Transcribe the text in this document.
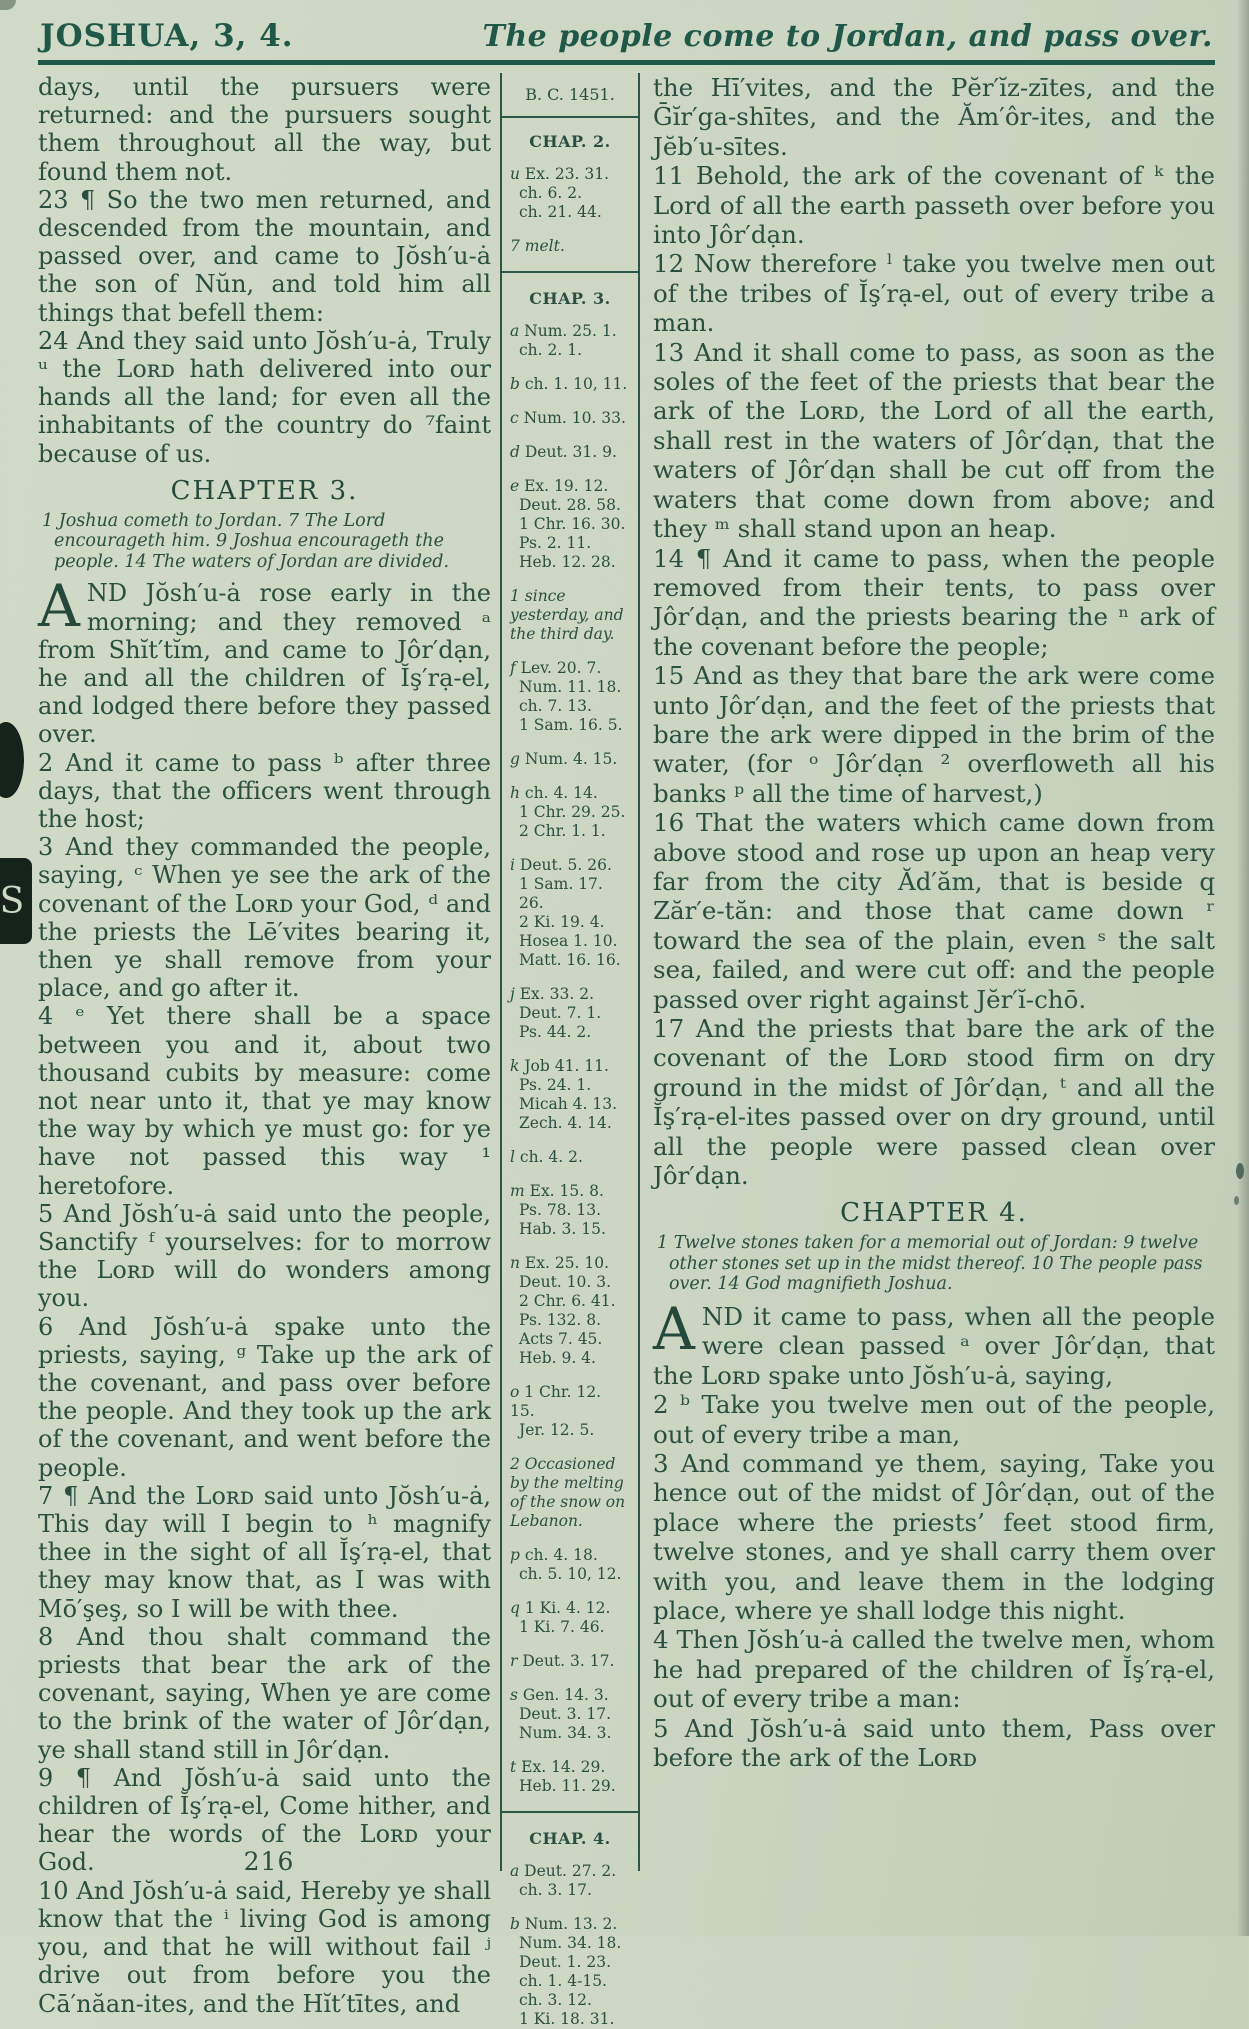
JOSHUA, 3, 4.	The people come to Jordan, and pass over.

days, until the pursuers were returned: and the pursuers sought them throughout all the way, but found them not.

23 ¶ So the two men returned, and descended from the mountain, and passed over, and came to Jŏsh′u-ȧ the son of Nŭn, and told him all things that befell them:

24 And they said unto Jŏsh′u-ȧ, Truly ᵘ the Lᴏʀᴅ hath delivered into our hands all the land; for even all the inhabitants of the country do ⁷faint because of us.

CHAPTER 3.
1 Joshua cometh to Jordan. 7 The Lord encourageth him. 9 Joshua encourageth the people. 14 The waters of Jordan are divided.

AND Jŏsh′u-ȧ rose early in the morning; and they removed ᵃ from Shĭt′tĭm, and came to Jôr′dạn, he and all the children of Ĭş′rạ-el, and lodged there before they passed over.

2 And it came to pass ᵇ after three days, that the officers went through the host;

3 And they commanded the people, saying, ᶜ When ye see the ark of the covenant of the Lᴏʀᴅ your God, ᵈ and the priests the Lē′vites bearing it, then ye shall remove from your place, and go after it.

4 ᵉ Yet there shall be a space between you and it, about two thousand cubits by measure: come not near unto it, that ye may know the way by which ye must go: for ye have not passed this way ¹ heretofore.

5 And Jŏsh′u-ȧ said unto the people, Sanctify ᶠ yourselves: for to morrow the Lᴏʀᴅ will do wonders among you.

6 And Jŏsh′u-ȧ spake unto the priests, saying, ᵍ Take up the ark of the covenant, and pass over before the people. And they took up the ark of the covenant, and went before the people.

7 ¶ And the Lᴏʀᴅ said unto Jŏsh′u-ȧ, This day will I begin to ʰ magnify thee in the sight of all Ĭş′rạ-el, that they may know that, as I was with Mō′şeş, so I will be with thee.

8 And thou shalt command the priests that bear the ark of the covenant, saying, When ye are come to the brink of the water of Jôr′dạn, ye shall stand still in Jôr′dạn.

9 ¶ And Jŏsh′u-ȧ said unto the children of Ĭş′rạ-el, Come hither, and hear the words of the Lᴏʀᴅ your God.

10 And Jŏsh′u-ȧ said, Hereby ye shall know that the ⁱ living God is among you, and that he will without fail ʲ drive out from before you the Cā′năan-ites, and the Hĭt′tītes, and

B. C. 1451.
CHAP. 2.
u Ex. 23. 31.
ch. 6. 2.
ch. 21. 44.
7 melt.
CHAP. 3.
a Num. 25. 1.
ch. 2. 1.
b ch. 1. 10, 11.
c Num. 10. 33.
d Deut. 31. 9.
e Ex. 19. 12.
Deut. 28. 58.
1 Chr. 16. 30.
Ps. 2. 11.
Heb. 12. 28.
1 since yesterday, and the third day.
f Lev. 20. 7.
Num. 11. 18.
ch. 7. 13.
1 Sam. 16. 5.
g Num. 4. 15.
h ch. 4. 14.
1 Chr. 29. 25.
2 Chr. 1. 1.
i Deut. 5. 26.
1 Sam. 17. 26.
2 Ki. 19. 4.
Hosea 1. 10.
Matt. 16. 16.
j Ex. 33. 2.
Deut. 7. 1.
Ps. 44. 2.
k Job 41. 11.
Ps. 24. 1.
Micah 4. 13.
Zech. 4. 14.
l ch. 4. 2.
m Ex. 15. 8.
Ps. 78. 13.
Hab. 3. 15.
n Ex. 25. 10.
Deut. 10. 3.
2 Chr. 6. 41.
Ps. 132. 8.
Acts 7. 45.
Heb. 9. 4.
o 1 Chr. 12. 15.
Jer. 12. 5.
2 Occasioned by the melting of the snow on Lebanon.
p ch. 4. 18.
ch. 5. 10, 12.
q 1 Ki. 4. 12.
1 Ki. 7. 46.
r Deut. 3. 17.
s Gen. 14. 3.
Deut. 3. 17.
Num. 34. 3.
t Ex. 14. 29.
Heb. 11. 29.
CHAP. 4.
a Deut. 27. 2.
ch. 3. 17.
b Num. 13. 2.
Num. 34. 18.
Deut. 1. 23.
ch. 1. 4-15.
ch. 3. 12.
1 Ki. 18. 31.

the Hī′vites, and the Pĕr′ĭz-zītes, and the Ḡĭr′ga-shītes, and the Ăm′ôr-ites, and the Jĕb′u-sītes.

11 Behold, the ark of the covenant of ᵏ the Lord of all the earth passeth over before you into Jôr′dạn.

12 Now therefore ˡ take you twelve men out of the tribes of Ĭş′rạ-el, out of every tribe a man.

13 And it shall come to pass, as soon as the soles of the feet of the priests that bear the ark of the Lᴏʀᴅ, the Lord of all the earth, shall rest in the waters of Jôr′dạn, that the waters of Jôr′dạn shall be cut off from the waters that come down from above; and they ᵐ shall stand upon an heap.

14 ¶ And it came to pass, when the people removed from their tents, to pass over Jôr′dạn, and the priests bearing the ⁿ ark of the covenant before the people;

15 And as they that bare the ark were come unto Jôr′dạn, and the feet of the priests that bare the ark were dipped in the brim of the water, (for ᵒ Jôr′dạn ² overfloweth all his banks ᵖ all the time of harvest,)

16 That the waters which came down from above stood and rose up upon an heap very far from the city Ăd′ăm, that is beside q Zăr′e-tăn: and those that came down ʳ toward the sea of the plain, even ˢ the salt sea, failed, and were cut off: and the people passed over right against Jĕr′ĭ-chō.

17 And the priests that bare the ark of the covenant of the Lᴏʀᴅ stood firm on dry ground in the midst of Jôr′dạn, ᵗ and all the Ĭş′rạ-el-ites passed over on dry ground, until all the people were passed clean over Jôr′dạn.

CHAPTER 4.
1 Twelve stones taken for a memorial out of Jordan: 9 twelve other stones set up in the midst thereof. 10 The people pass over. 14 God magnifieth Joshua.

AND it came to pass, when all the people were clean passed ᵃ over Jôr′dạn, that the Lᴏʀᴅ spake unto Jŏsh′u-ȧ, saying,

2 ᵇ Take you twelve men out of the people, out of every tribe a man,

3 And command ye them, saying, Take you hence out of the midst of Jôr′dạn, out of the place where the priests’ feet stood firm, twelve stones, and ye shall carry them over with you, and leave them in the lodging place, where ye shall lodge this night.

4 Then Jŏsh′u-ȧ called the twelve men, whom he had prepared of the children of Ĭş′rạ-el, out of every tribe a man:

5 And Jŏsh′u-ȧ said unto them, Pass over before the ark of the Lᴏʀᴅ

216
S
